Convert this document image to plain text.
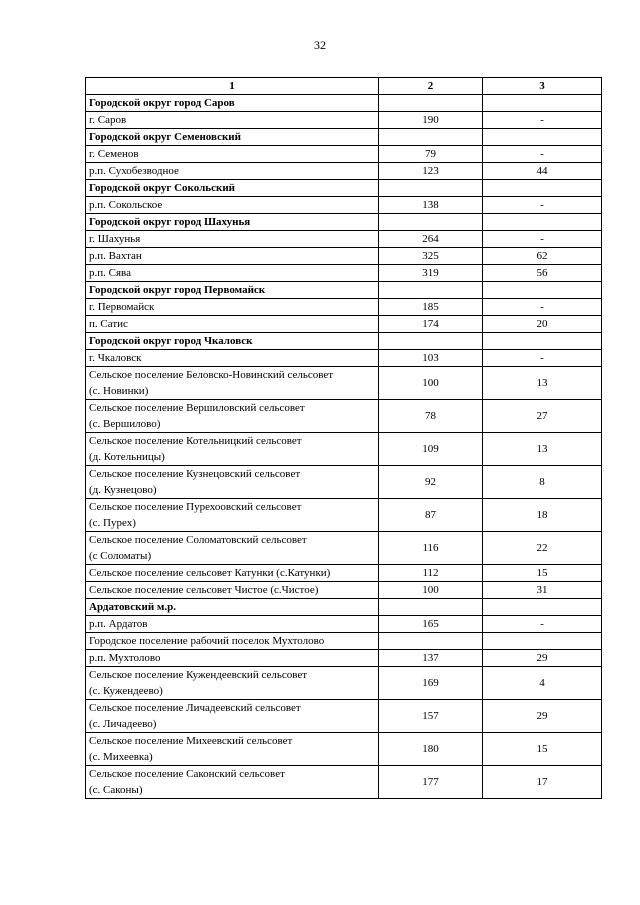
32
1	2	3
Городской округ город Саров		
г. Саров	190	-
Городской округ Семеновский		
г. Семенов	79	-
р.п. Сухобезводное	123	44
Городской округ Сокольский		
р.п. Сокольское	138	-
Городской округ город Шахунья		
г. Шахунья	264	-
р.п. Вахтан	325	62
р.п. Сява	319	56
Городской округ город Первомайск		
г. Первомайск	185	-
п. Сатис	174	20
Городской округ город Чкаловск		
г. Чкаловск	103	-

Сельское поселение Беловско-Новинский сельсовет
(с. Новинки)	100	13

Сельское поселение Вершиловский сельсовет
(с. Вершилово)	78	27

Сельское поселение Котельницкий сельсовет
(д. Котельницы)	109	13

Сельское поселение Кузнецовский сельсовет
(д. Кузнецово)	92	8

Сельское поселение Пурехоовский сельсовет
(с. Пурех)	87	18

Сельское поселение Соломатовский сельсовет
(с Соломаты)	116	22
Сельское поселение сельсовет Катунки (с.Катунки)	112	15
Сельское поселение сельсовет Чистое (с.Чистое)	100	31
Ардатовский м.р.		
р.п. Ардатов	165	-
Городское поселение рабочий поселок Мухтолово		
р.п. Мухтолово	137	29

Сельское поселение Кужендеевский сельсовет
(с. Кужендеево)	169	4

Сельское поселение Личадеевский сельсовет
(с. Личадеево)	157	29

Сельское поселение Михеевский сельсовет
(с. Михеевка)	180	15

Сельское поселение Саконский сельсовет
(с. Саконы)	177	17
